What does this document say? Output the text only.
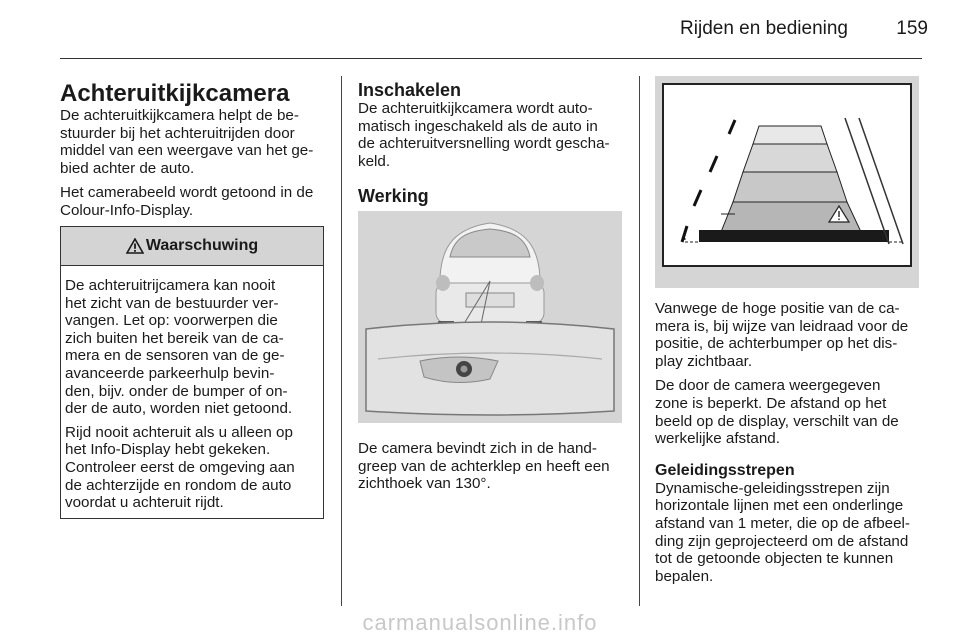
Rijden en bediening	159
Achteruitkijkcamera

De achteruitkijkcamera helpt de be-
stuurder bij het achteruitrijden door
middel van een weergave van het ge-
bied achter de auto.

Het camerabeeld wordt getoond in de
Colour-Info-Display.

Waarschuwing

De achteruitrijcamera kan nooit
het zicht van de bestuurder ver-
vangen. Let op: voorwerpen die
zich buiten het bereik van de ca-
mera en de sensoren van de ge-
avanceerde parkeerhulp bevin-
den, bijv. onder de bumper of on-
der de auto, worden niet getoond.

Rijd nooit achteruit als u alleen op
het Info-Display hebt gekeken.
Controleer eerst de omgeving aan
de achterzijde en rondom de auto
voordat u achteruit rijdt.

Inschakelen

De achteruitkijkcamera wordt auto-
matisch ingeschakeld als de auto in
de achteruitversnelling wordt gescha-
keld.

Werking

De camera bevindt zich in de hand-
greep van de achterklep en heeft een
zichthoek van 130°.

Vanwege de hoge positie van de ca-
mera is, bij wijze van leidraad voor de
positie, de achterbumper op het dis-
play zichtbaar.

De door de camera weergegeven
zone is beperkt. De afstand op het
beeld op de display, verschilt van de
werkelijke afstand.

Geleidingsstrepen

Dynamische-geleidingsstrepen zijn
horizontale lijnen met een onderlinge
afstand van 1 meter, die op de afbeel-
ding zijn geprojecteerd om de afstand
tot de getoonde objecten te kunnen
bepalen.

carmanualsonline.info
